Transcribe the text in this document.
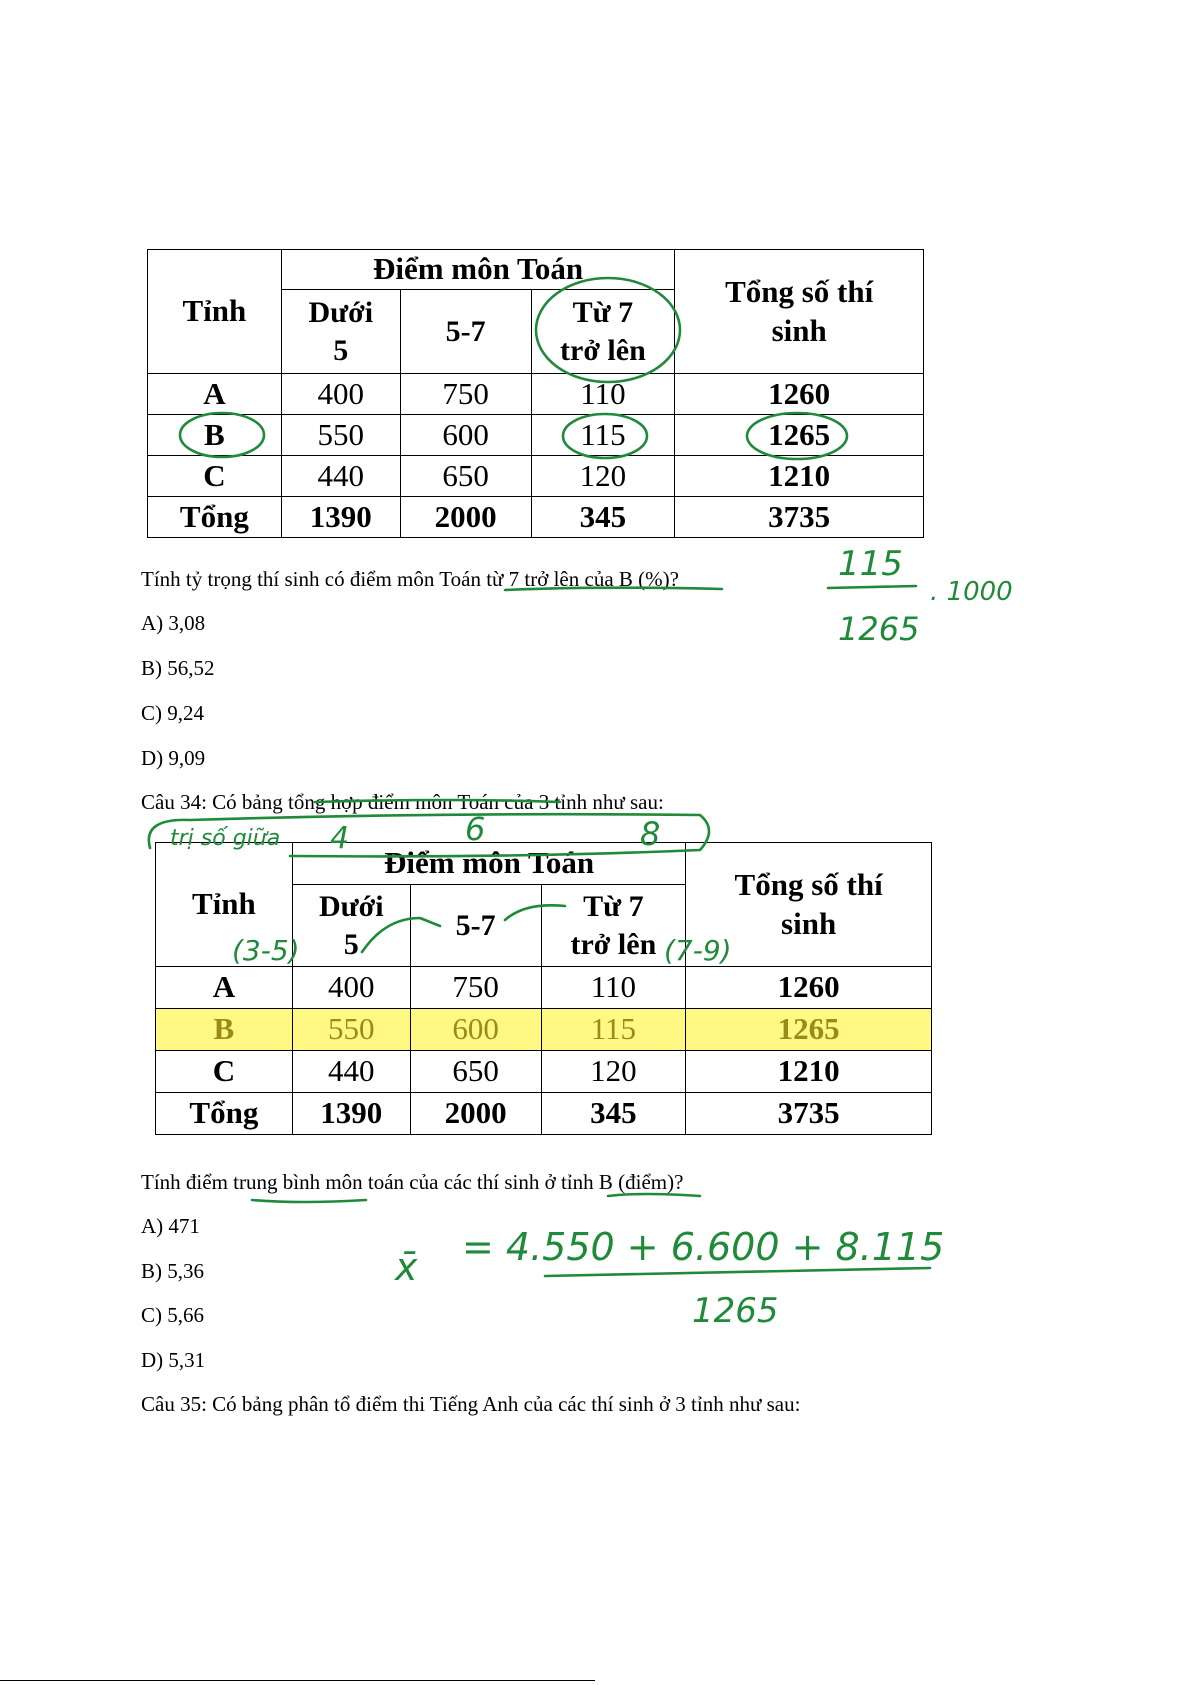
Tỉnh	Điểm môn Toán			Tổng số thí sinh
	Dưới 5	5-7	Từ 7 trở lên	
A	400	750	110	1260
B	550	600	115	1265
C	440	650	120	1210
Tổng	1390	2000	345	3735
Tính tỷ trọng thí sinh có điểm môn Toán từ 7 trở lên của B (%)?
A) 3,08
B) 56,52
C) 9,24
D) 9,09
Câu 34: Có bảng tổng hợp điểm môn Toán của 3 tỉnh như sau:
Tỉnh	Điểm môn Toán			Tổng số thí sinh
	Dưới 5	5-7	Từ 7 trở lên	
A	400	750	110	1260
B	550	600	115	1265
C	440	650	120	1210
Tổng	1390	2000	345	3735
Tính điểm trung bình môn toán của các thí sinh ở tỉnh B (điểm)?
A) 471
B) 5,36
C) 5,66
D) 5,31
Câu 35: Có bảng phân tổ điểm thi Tiếng Anh của các thí sinh ở 3 tỉnh như sau:
115
. 1000
1265
trị số giữa 4	6	8
(3-5)	(7-9)
x̄ = 4.550 + 6.600 + 8.115
1265
